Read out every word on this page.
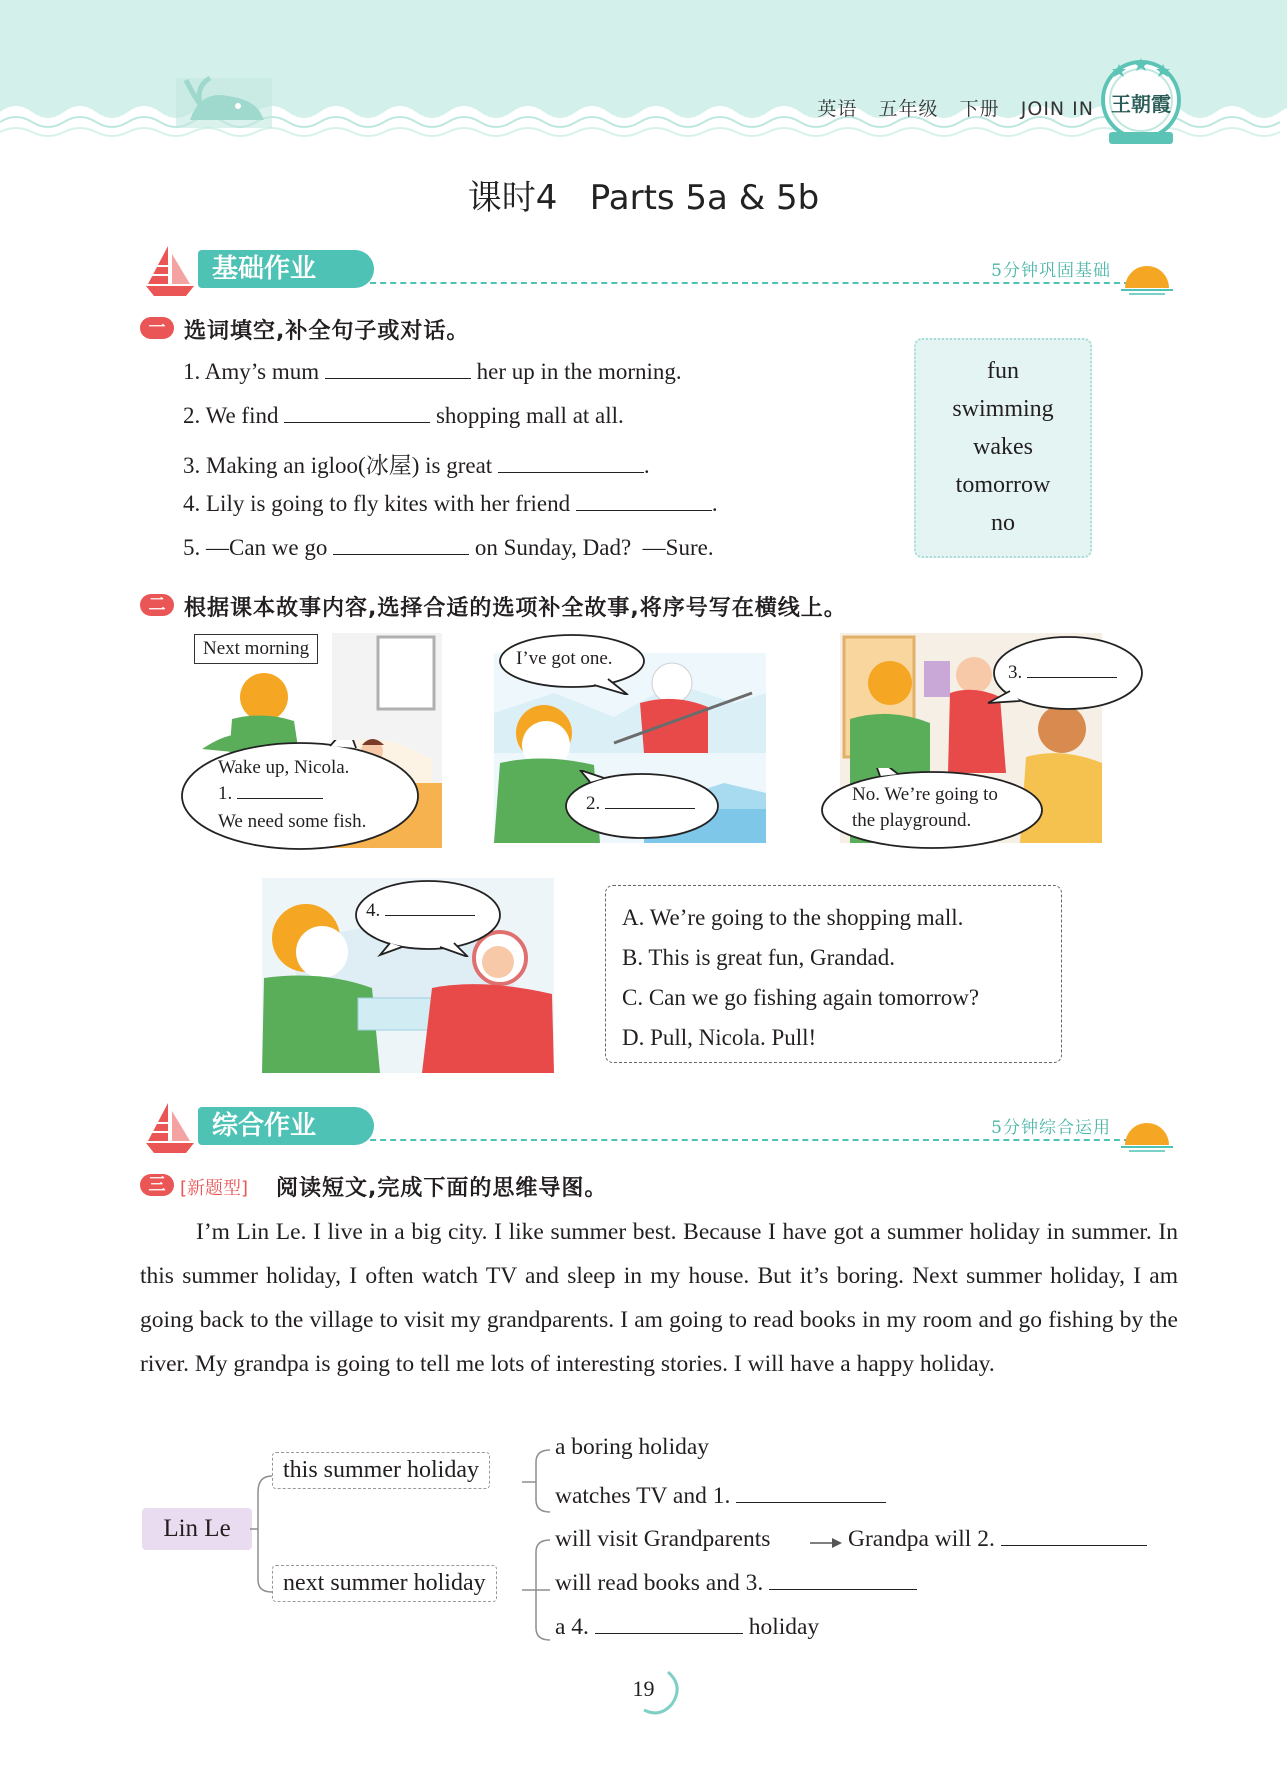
英语 五年级 下册 JOIN IN 王朝霞
课时4   Parts 5a & 5b
基础作业	5分钟巩固基础
一 选词填空,补全句子或对话。
1. Amy’s mum	her up in the morning.
2. We find	shopping mall at all.
3. Making an igloo(冰屋) is great	.
4. Lily is going to fly kites with her friend	.
5. —Can we go	on Sunday, Dad?  —Sure.
fun
swimming
wakes
tomorrow
no
二 根据课本故事内容,选择合适的选项补全故事,将序号写在横线上。
Next morning
Wake up, Nicola.
1.
We need some fish.
I’ve got one.
2.
3.
No. We’re going to
the playground.
4.	A. We’re going to the shopping mall.
B. This is great fun, Grandad.
C. Can we go fishing again tomorrow?
D. Pull, Nicola. Pull!
综合作业	5分钟综合运用
三 [新题型] 阅读短文,完成下面的思维导图。
I’m Lin Le. I live in a big city. I like summer best. Because I have got a summer holiday in summer. In this summer holiday, I often watch TV and sleep in my house. But it’s boring. Next summer holiday, I am going back to the village to visit my grandparents. I am going to read books in my room and go fishing by the river. My grandpa is going to tell me lots of interesting stories. I will have a happy holiday.
Lin Le
this summer holiday
next summer holiday
a boring holiday
watches TV and 1.
will visit Grandparents	Grandpa will 2.
will read books and 3.
a 4.	holiday
19
